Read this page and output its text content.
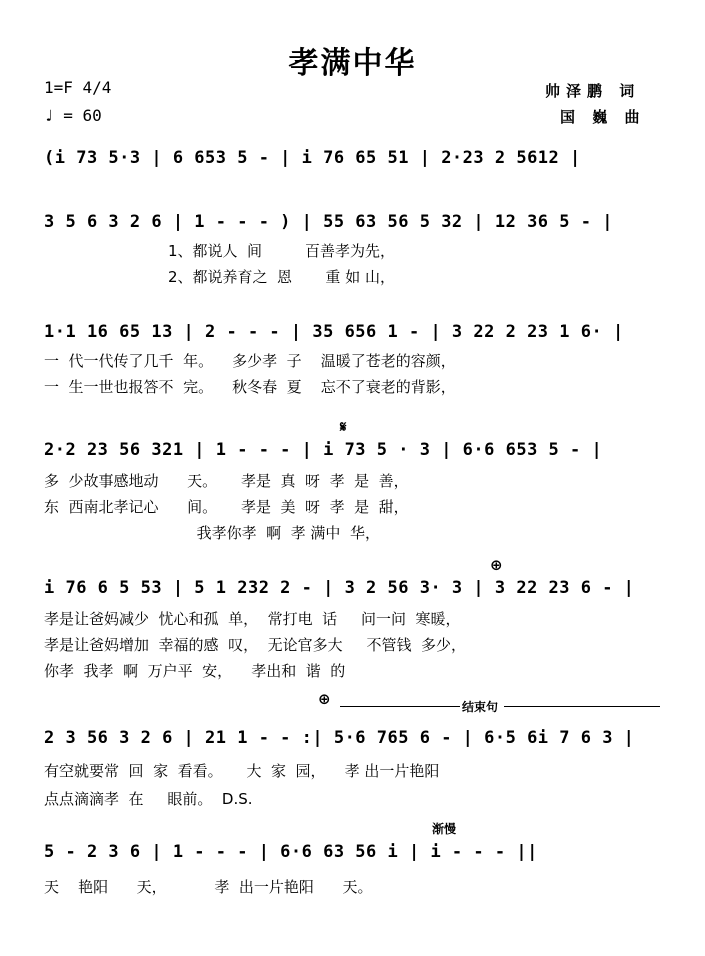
孝满中华
1=F 4/4
♩ = 60
帅泽鹏 词
国 巍 曲
(i 73 5·3 | 6 653 5 - | i 76 65 51 | 2·23 2 5612 |
3 5 6 3 2 6 | 1 - - - ) | 55 63 56 5 32 | 12 36 5 - |
1、都说人  间         百善孝为先，
2、都说养育之  恩       重 如 山，
1·1 16 65 13 | 2 - - - | 35 656 1 - | 3 22 2 23 1 6· |
一  代一代传了几千  年。    多少孝  子    温暖了苍老的容颜，
一  生一世也报答不  完。    秋冬春  夏    忘不了衰老的背影，
𝄋
2·2 23 56 321 | 1 - - - | i 73 5 · 3 | 6·6 653 5 - |
多  少故事感地动      天。     孝是  真  呀  孝  是  善，
东  西南北孝记心      间。     孝是  美  呀  孝  是  甜，
我孝你孝  啊  孝 满中  华，
⊕
i 76 6 5 53 | 5 1 232 2 - | 3 2 56 3· 3 | 3 22 23 6 - |
孝是让爸妈减少  忧心和孤  单，  常打电  话     问一问  寒暖，
孝是让爸妈增加  幸福的感  叹，  无论官多大     不管钱  多少，
你孝  我孝  啊  万户平  安，    孝出和  谐  的
⊕	结束句
2 3 56 3 2 6 | 21 1 - - :| 5·6 765 6 - | 6·5 6i 7 6 3 |
有空就要常  回  家  看看。     大  家  园，    孝 出一片艳阳
点点滴滴孝  在     眼前。  D.S.
渐慢
5 - 2 3 6 | 1 - - - | 6·6 63 56 i | i - - - ||
天    艳阳      天，          孝  出一片艳阳      天。
